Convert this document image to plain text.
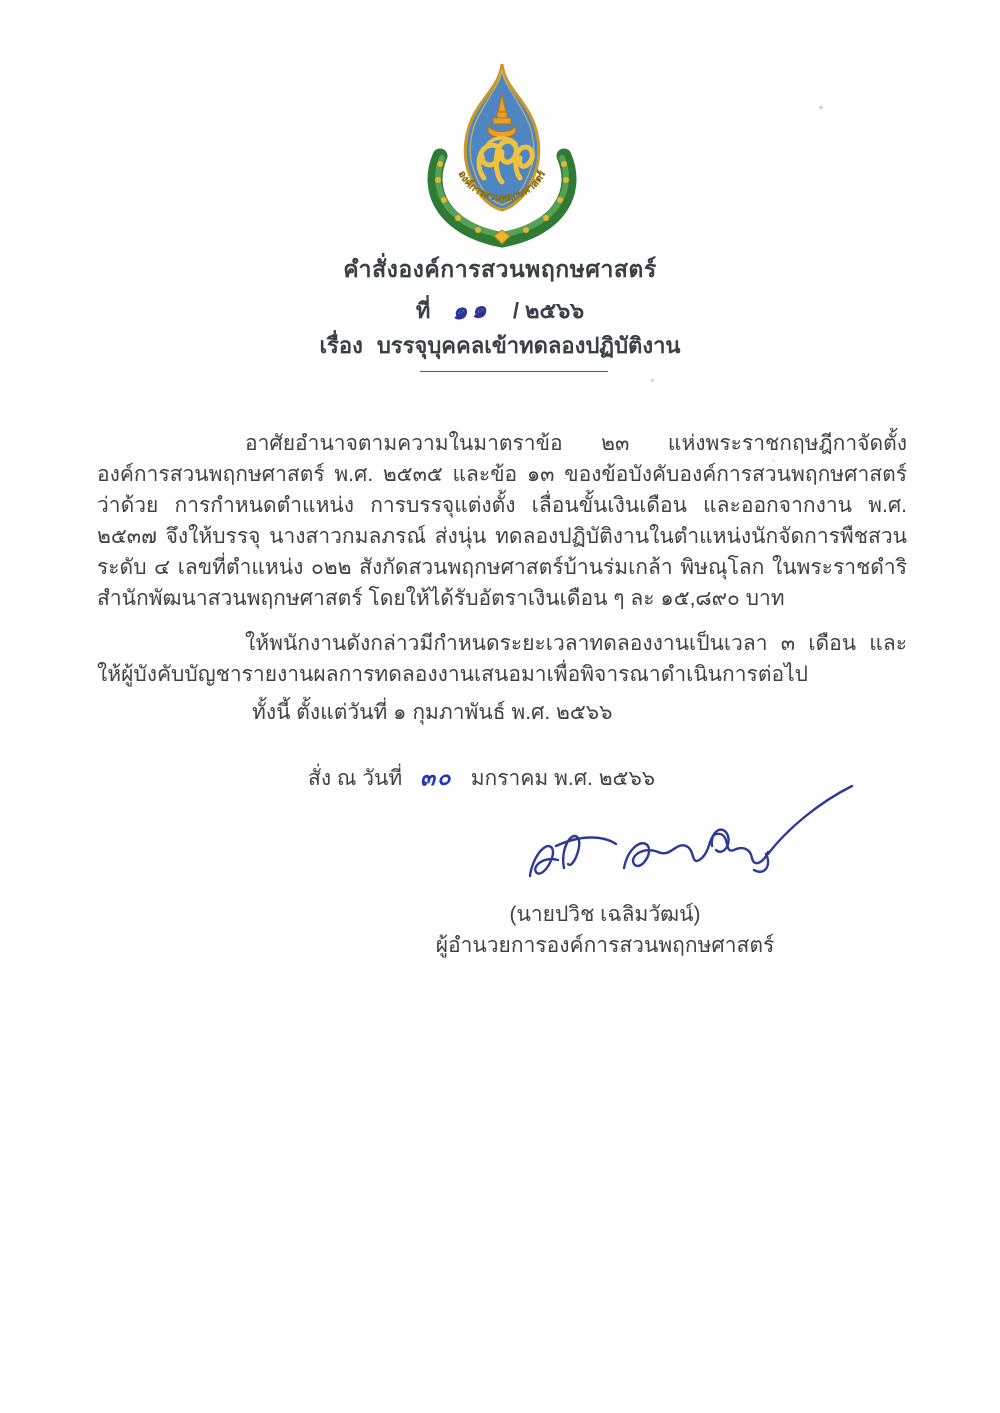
องค์การสวนพฤกษศาสตร์
คำสั่งองค์การสวนพฤกษศาสตร์
ที่ ๑๑ / ๒๕๖๖
เรื่อง บรรจุบุคคลเข้าทดลองปฏิบัติงาน

อาศัยอำนาจตามความในมาตราข้อ ๒๓ แห่งพระราชกฤษฎีกาจัดตั้งองค์การสวนพฤกษศาสตร์ พ.ศ. ๒๕๓๕ และข้อ ๑๓ ของข้อบังคับองค์การสวนพฤกษศาสตร์ ว่าด้วย การกำหนดตำแหน่ง การบรรจุแต่งตั้ง เลื่อนขั้นเงินเดือน และออกจากงาน พ.ศ. ๒๕๓๗ จึงให้บรรจุ นางสาวกมลภรณ์ ส่งนุ่น ทดลองปฏิบัติงานในตำแหน่งนักจัดการพืชสวน ระดับ ๔ เลขที่ตำแหน่ง ๐๒๒ สังกัดสวนพฤกษศาสตร์บ้านร่มเกล้า พิษณุโลก ในพระราชดำริ สำนักพัฒนาสวนพฤกษศาสตร์ โดยให้ได้รับอัตราเงินเดือน ๆ ละ ๑๕,๘๙๐ บาท

ให้พนักงานดังกล่าวมีกำหนดระยะเวลาทดลองงานเป็นเวลา ๓ เดือน และให้ผู้บังคับบัญชารายงานผลการทดลองงานเสนอมาเพื่อพิจารณาดำเนินการต่อไป

ทั้งนี้ ตั้งแต่วันที่ ๑ กุมภาพันธ์ พ.ศ. ๒๕๖๖
สั่ง ณ วันที่ ๓๐ มกราคม พ.ศ. ๒๕๖๖
(นายปวิช เฉลิมวัฒน์)
ผู้อำนวยการองค์การสวนพฤกษศาสตร์
